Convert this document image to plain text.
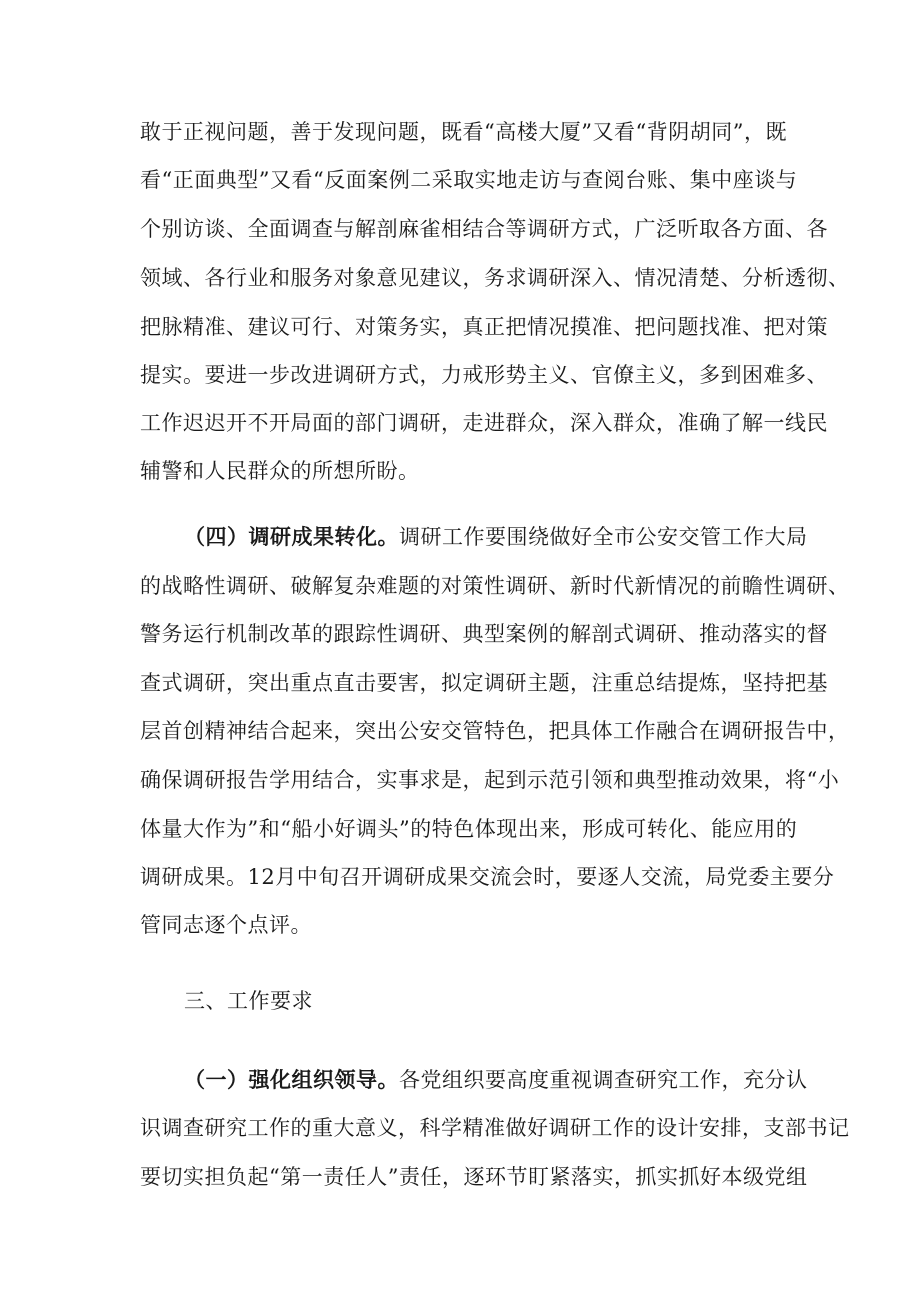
敢于正视问题，善于发现问题，既看“高楼大厦”又看“背阴胡同”，既
看“正面典型”又看“反面案例二采取实地走访与查阅台账、集中座谈与
个别访谈、全面调查与解剖麻雀相结合等调研方式，广泛听取各方面、各
领域、各行业和服务对象意见建议，务求调研深入、情况清楚、分析透彻、
把脉精准、建议可行、对策务实，真正把情况摸准、把问题找准、把对策
提实。要进一步改进调研方式，力戒形势主义、官僚主义，多到困难多、
工作迟迟开不开局面的部门调研，走进群众，深入群众，准确了解一线民
辅警和人民群众的所想所盼。
（四）调研成果转化。调研工作要围绕做好全市公安交管工作大局
的战略性调研、破解复杂难题的对策性调研、新时代新情况的前瞻性调研、
警务运行机制改革的跟踪性调研、典型案例的解剖式调研、推动落实的督
查式调研，突出重点直击要害，拟定调研主题，注重总结提炼，坚持把基
层首创精神结合起来，突出公安交管特色，把具体工作融合在调研报告中，
确保调研报告学用结合，实事求是，起到示范引领和典型推动效果，将“小
体量大作为”和“船小好调头”的特色体现出来，形成可转化、能应用的
调研成果。12月中旬召开调研成果交流会时，要逐人交流，局党委主要分
管同志逐个点评。
三、工作要求
（一）强化组织领导。各党组织要高度重视调查研究工作，充分认
识调查研究工作的重大意义，科学精准做好调研工作的设计安排，支部书记
要切实担负起“第一责任人”责任，逐环节盯紧落实，抓实抓好本级党组
